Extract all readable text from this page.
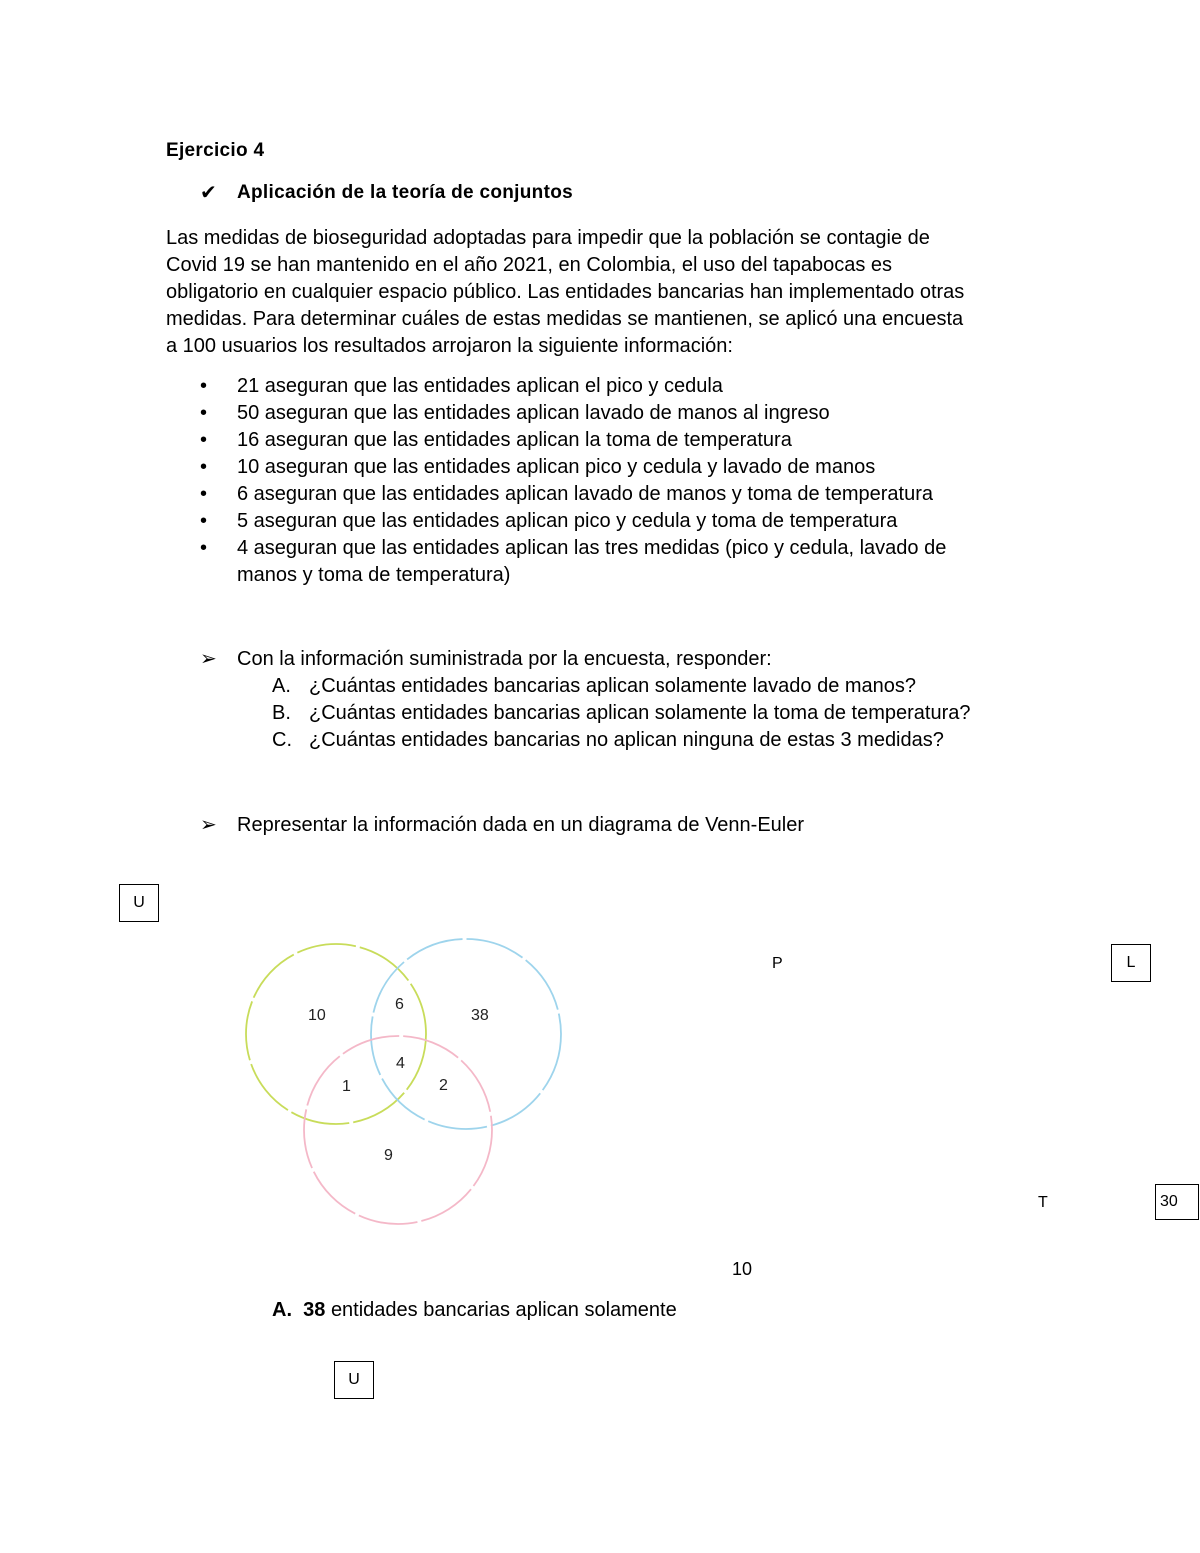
Ejercicio 4
✔ Aplicación de la teoría de conjuntos
Las medidas de bioseguridad adoptadas para impedir que la población se contagie de
Covid 19 se han mantenido en el año 2021, en Colombia, el uso del tapabocas es
obligatorio en cualquier espacio público. Las entidades bancarias han implementado otras
medidas. Para determinar cuáles de estas medidas se mantienen, se aplicó una encuesta
a 100 usuarios los resultados arrojaron la siguiente información:
• 21 aseguran que las entidades aplican el pico y cedula
• 50 aseguran que las entidades aplican lavado de manos al ingreso
• 16 aseguran que las entidades aplican la toma de temperatura
• 10 aseguran que las entidades aplican pico y cedula y lavado de manos
• 6 aseguran que las entidades aplican lavado de manos y toma de temperatura
• 5 aseguran que las entidades aplican pico y cedula y toma de temperatura
• 4 aseguran que las entidades aplican las tres medidas (pico y cedula, lavado de
manos y toma de temperatura)
➢ Con la información suministrada por la encuesta, responder:
A. ¿Cuántas entidades bancarias aplican solamente lavado de manos?
B. ¿Cuántas entidades bancarias aplican solamente la toma de temperatura?
C. ¿Cuántas entidades bancarias no aplican ninguna de estas 3 medidas?
➢ Representar la información dada en un diagrama de Venn-Euler
U
10
6
38
4
1	2
9
P	L
T	30
10
A. 38 entidades bancarias aplican solamente
U
